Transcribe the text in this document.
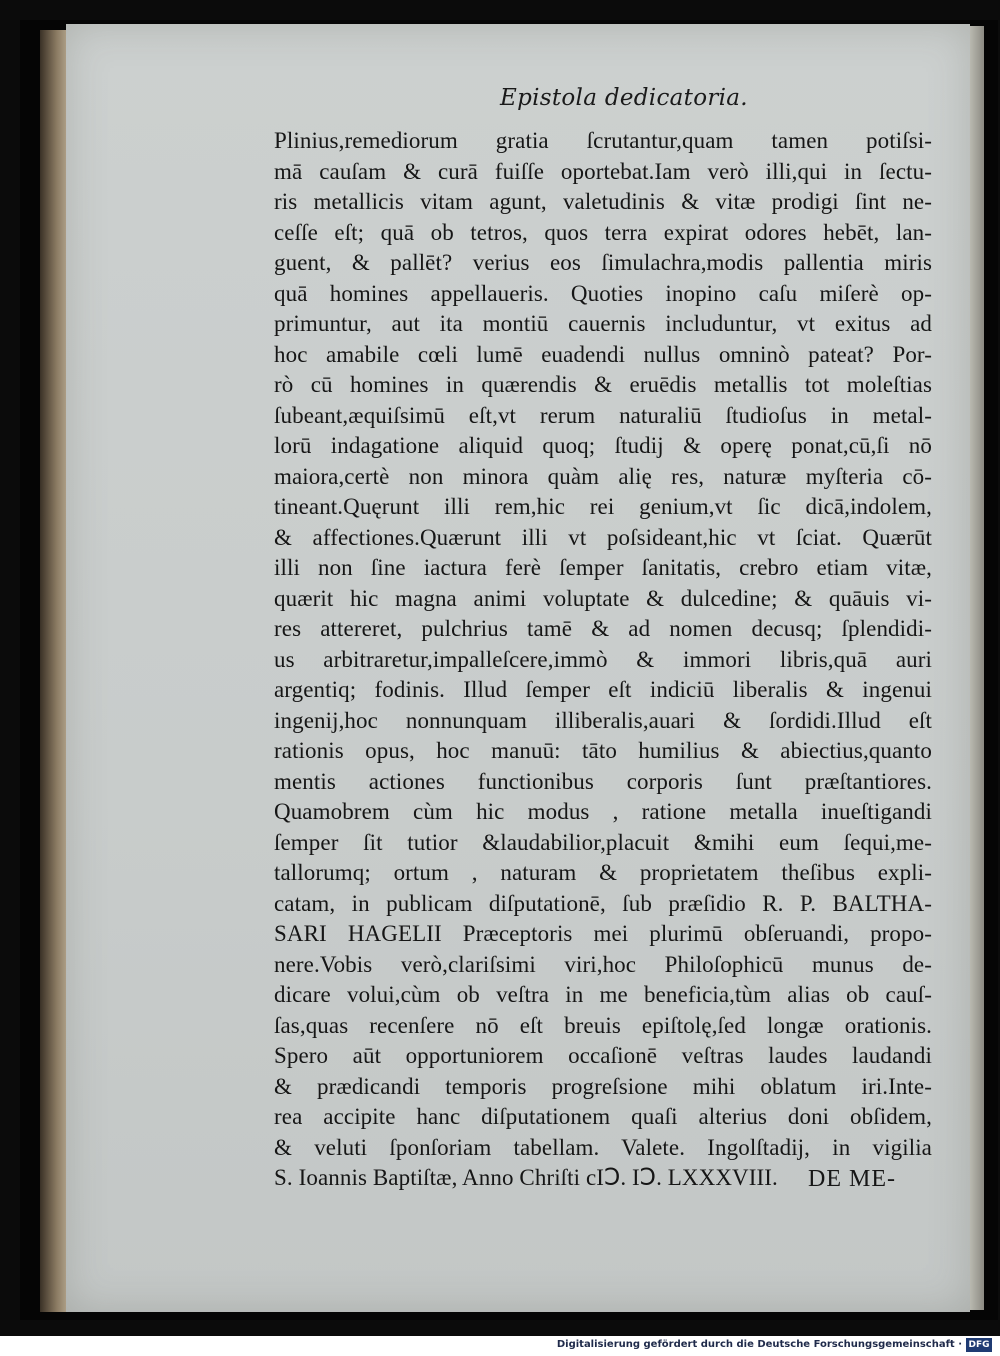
Epistola dedicatoria.
Plinius,remediorum gratia ſcrutantur,quam tamen potiſsi-
mā cauſam & curā fuiſſe oportebat.Iam verò illi,qui in ſectu-
ris metallicis vitam agunt, valetudinis & vitæ prodigi ſint ne-
ceſſe eſt; quā ob tetros, quos terra expirat odores hebēt, lan-
guent, & pallēt? verius eos ſimulachra,modis pallentia miris
quā homines appellaueris. Quoties inopino caſu miſerè op-
primuntur, aut ita montiū cauernis includuntur, vt exitus ad
hoc amabile cœli lumē euadendi nullus omninò pateat? Por-
rò cū homines in quærendis & eruēdis metallis tot moleſtias
ſubeant,æquiſsimū eſt,vt rerum naturaliū ſtudioſus in metal-
lorū indagatione aliquid quoq; ſtudij & operę ponat,cū,ſi nō
maiora,certè non minora quàm alię res, naturæ myſteria cō-
tineant.Quęrunt illi rem,hic rei genium,vt ſic dicā,indolem,
& affectiones.Quærunt illi vt poſsideant,hic vt ſciat. Quærūt
illi non ſine iactura ferè ſemper ſanitatis, crebro etiam vitæ,
quærit hic magna animi voluptate & dulcedine; & quāuis vi-
res attereret, pulchrius tamē & ad nomen decusq; ſplendidi-
us arbitraretur,impalleſcere,immò & immori libris,quā auri
argentiq; fodinis. Illud ſemper eſt indiciū liberalis & ingenui
ingenij,hoc nonnunquam illiberalis,auari & ſordidi.Illud eſt
rationis opus, hoc manuū: tāto humilius & abiectius,quanto
mentis actiones functionibus corporis ſunt præſtantiores.
Quamobrem cùm hic modus , ratione metalla inueſtigandi
ſemper ſit tutior &laudabilior,placuit &mihi eum ſequi,me-
tallorumq; ortum , naturam & proprietatem theſibus expli-
catam, in publicam diſputationē, ſub præſidio R. P. BALTHA-
SARI HAGELII Præceptoris mei plurimū obſeruandi, propo-
nere.Vobis verò,clariſsimi viri,hoc Philoſophicū munus de-
dicare volui,cùm ob veſtra in me beneficia,tùm alias ob cauſ-
ſas,quas recenſere nō eſt breuis epiſtolę,ſed longæ orationis.
Spero aūt opportuniorem occaſionē veſtras laudes laudandi
& prædicandi temporis progreſsione mihi oblatum iri.Inte-
rea accipite hanc diſputationem quaſi alterius doni obſidem,
& veluti ſponſoriam tabellam. Valete. Ingolſtadij, in vigilia
S. Ioannis Baptiſtæ, Anno Chriſti cIↃ. IↃ. LXXXVIII.	DE ME-
Digitalisierung gefördert durch die Deutsche Forschungsgemeinschaft · DFG
